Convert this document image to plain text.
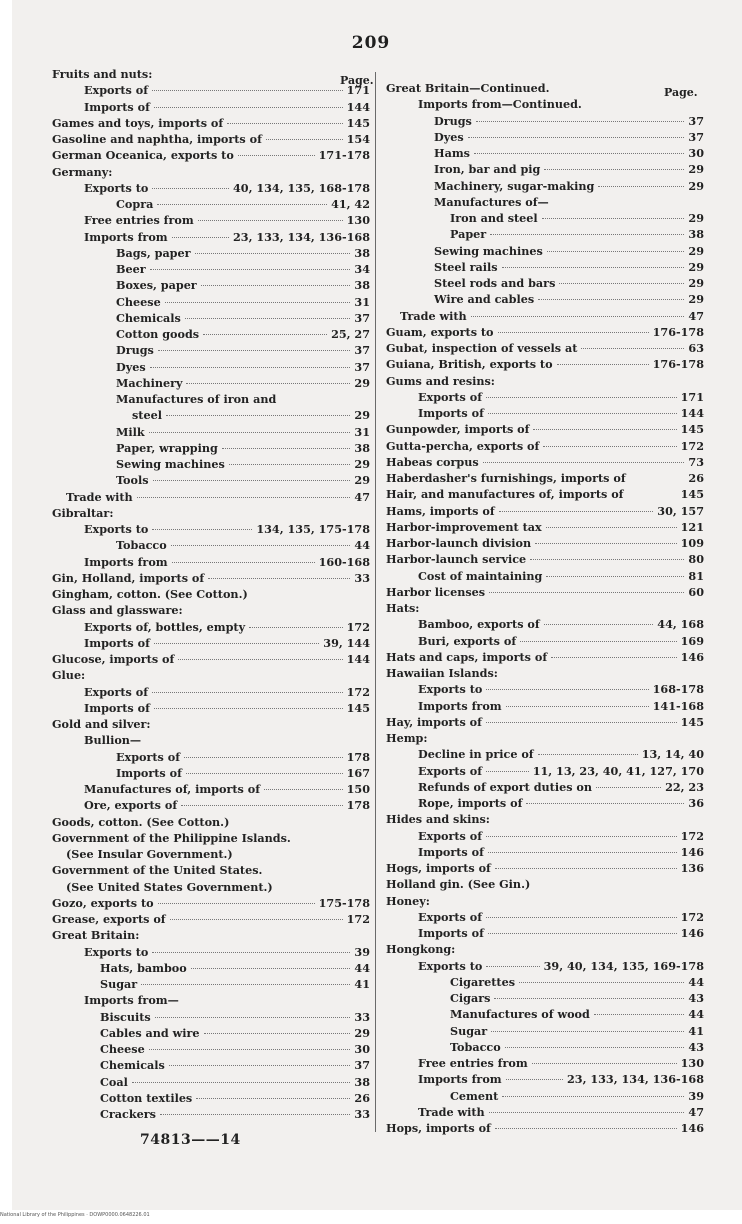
209
Page.
Page.
Fruits and nuts:
Exports of	171
Imports of	144
Games and toys, imports of	145
Gasoline and naphtha, imports of	154
German Oceanica, exports to	171-178
Germany:
Exports to	40, 134, 135, 168-178
Copra	41, 42
Free entries from	130
Imports from	23, 133, 134, 136-168
Bags, paper	38
Beer	34
Boxes, paper	38
Cheese	31
Chemicals	37
Cotton goods	25, 27
Drugs	37
Dyes	37
Machinery	29
Manufactures of iron and
steel	29
Milk	31
Paper, wrapping	38
Sewing machines	29
Tools	29
Trade with	47
Gibraltar:
Exports to	134, 135, 175-178
Tobacco	44
Imports from	160-168
Gin, Holland, imports of	33
Gingham, cotton. (See Cotton.)
Glass and glassware:
Exports of, bottles, empty	172
Imports of	39, 144
Glucose, imports of	144
Glue:
Exports of	172
Imports of	145
Gold and silver:
Bullion—
Exports of	178
Imports of	167
Manufactures of, imports of	150
Ore, exports of	178
Goods, cotton. (See Cotton.)
Government of the Philippine Islands.
(See Insular Government.)
Government of the United States.
(See United States Government.)
Gozo, exports to	175-178
Grease, exports of	172
Great Britain:
Exports to	39
Hats, bamboo	44
Sugar	41
Imports from—
Biscuits	33
Cables and wire	29
Cheese	30
Chemicals	37
Coal	38
Cotton textiles	26
Crackers	33
Great Britain—Continued.
Imports from—Continued.
Drugs	37
Dyes	37
Hams	30
Iron, bar and pig	29
Machinery, sugar-making	29
Manufactures of—
Iron and steel	29
Paper	38
Sewing machines	29
Steel rails	29
Steel rods and bars	29
Wire and cables	29
Trade with	47
Guam, exports to	176-178
Gubat, inspection of vessels at	63
Guiana, British, exports to	176-178
Gums and resins:
Exports of	171
Imports of	144
Gunpowder, imports of	145
Gutta-percha, exports of	172
Habeas corpus	73
Haberdasher's furnishings, imports of	26
Hair, and manufactures of, imports of	145
Hams, imports of	30, 157
Harbor-improvement tax	121
Harbor-launch division	109
Harbor-launch service	80
Cost of maintaining	81
Harbor licenses	60
Hats:
Bamboo, exports of	44, 168
Buri, exports of	169
Hats and caps, imports of	146
Hawaiian Islands:
Exports to	168-178
Imports from	141-168
Hay, imports of	145
Hemp:
Decline in price of	13, 14, 40
Exports of	11, 13, 23, 40, 41, 127, 170
Refunds of export duties on	22, 23
Rope, imports of	36
Hides and skins:
Exports of	172
Imports of	146
Hogs, imports of	136
Holland gin. (See Gin.)
Honey:
Exports of	172
Imports of	146
Hongkong:
Exports to	39, 40, 134, 135, 169-178
Cigarettes	44
Cigars	43
Manufactures of wood	44
Sugar	41
Tobacco	43
Free entries from	130
Imports from	23, 133, 134, 136-168
Cement	39
Trade with	47
Hops, imports of	146
74813——14
National Library of the Philippines · DOWP0000.0648226.01
